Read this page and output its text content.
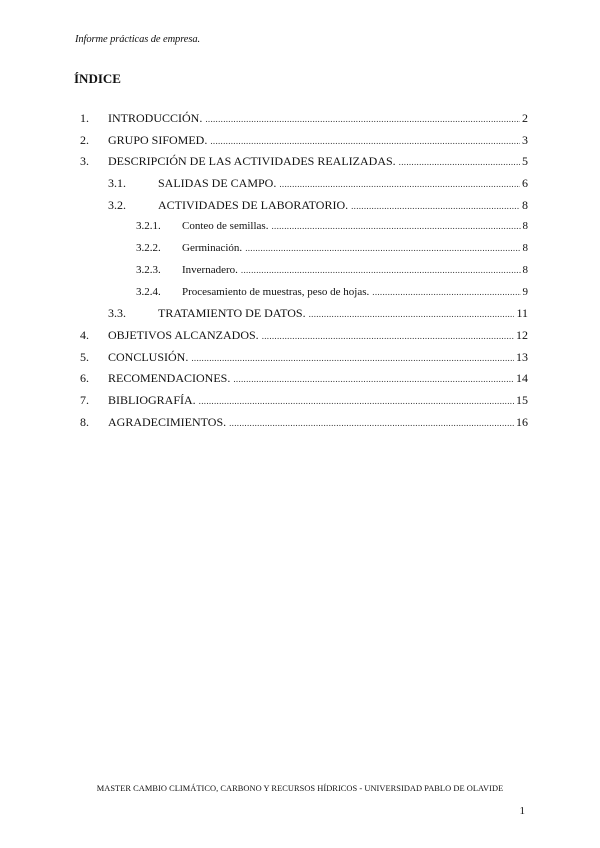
Informe prácticas de empresa.
ÍNDICE
1. INTRODUCCIÓN. .....	2
2. GRUPO SIFOMED. .....	3
3. DESCRIPCIÓN DE LAS ACTIVIDADES REALIZADAS. .....	5
3.1.	SALIDAS DE CAMPO. .....	6
3.2.	ACTIVIDADES DE LABORATORIO. .....	8
3.2.1. Conteo de semillas. .....	8
3.2.2. Germinación. .....	8
3.2.3. Invernadero. .....	8
3.2.4. Procesamiento de muestras, peso de hojas. .....	9
3.3.	TRATAMIENTO DE DATOS. .....	11
4. OBJETIVOS ALCANZADOS. .....	12
5. CONCLUSIÓN. .....	13
6. RECOMENDACIONES. .....	14
7. BIBLIOGRAFÍA. .....	15
8. AGRADECIMIENTOS. .....	16
MASTER CAMBIO CLIMÁTICO, CARBONO Y RECURSOS HÍDRICOS - UNIVERSIDAD PABLO DE OLAVIDE
1
